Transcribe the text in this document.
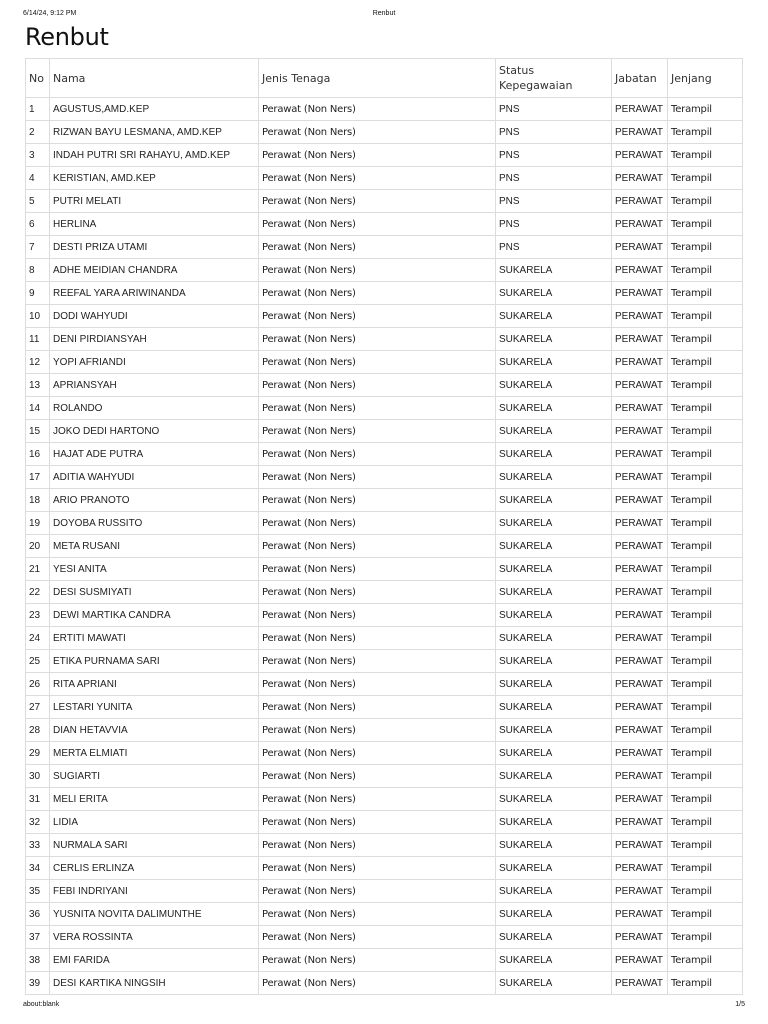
6/14/24, 9:12 PM	Renbut
Renbut
No	Nama	Jenis Tenaga	Status Kepegawaian	Jabatan	Jenjang
1	AGUSTUS,AMD.KEP	Perawat (Non Ners)	PNS	PERAWAT	Terampil
2	RIZWAN BAYU LESMANA, AMD.KEP	Perawat (Non Ners)	PNS	PERAWAT	Terampil
3	INDAH PUTRI SRI RAHAYU, AMD.KEP	Perawat (Non Ners)	PNS	PERAWAT	Terampil
4	KERISTIAN, AMD.KEP	Perawat (Non Ners)	PNS	PERAWAT	Terampil
5	PUTRI MELATI	Perawat (Non Ners)	PNS	PERAWAT	Terampil
6	HERLINA	Perawat (Non Ners)	PNS	PERAWAT	Terampil
7	DESTI PRIZA UTAMI	Perawat (Non Ners)	PNS	PERAWAT	Terampil
8	ADHE MEIDIAN CHANDRA	Perawat (Non Ners)	SUKARELA	PERAWAT	Terampil
9	REEFAL YARA ARIWINANDA	Perawat (Non Ners)	SUKARELA	PERAWAT	Terampil
10	DODI WAHYUDI	Perawat (Non Ners)	SUKARELA	PERAWAT	Terampil
11	DENI PIRDIANSYAH	Perawat (Non Ners)	SUKARELA	PERAWAT	Terampil
12	YOPI AFRIANDI	Perawat (Non Ners)	SUKARELA	PERAWAT	Terampil
13	APRIANSYAH	Perawat (Non Ners)	SUKARELA	PERAWAT	Terampil
14	ROLANDO	Perawat (Non Ners)	SUKARELA	PERAWAT	Terampil
15	JOKO DEDI HARTONO	Perawat (Non Ners)	SUKARELA	PERAWAT	Terampil
16	HAJAT ADE PUTRA	Perawat (Non Ners)	SUKARELA	PERAWAT	Terampil
17	ADITIA WAHYUDI	Perawat (Non Ners)	SUKARELA	PERAWAT	Terampil
18	ARIO PRANOTO	Perawat (Non Ners)	SUKARELA	PERAWAT	Terampil
19	DOYOBA RUSSITO	Perawat (Non Ners)	SUKARELA	PERAWAT	Terampil
20	META RUSANI	Perawat (Non Ners)	SUKARELA	PERAWAT	Terampil
21	YESI ANITA	Perawat (Non Ners)	SUKARELA	PERAWAT	Terampil
22	DESI SUSMIYATI	Perawat (Non Ners)	SUKARELA	PERAWAT	Terampil
23	DEWI MARTIKA CANDRA	Perawat (Non Ners)	SUKARELA	PERAWAT	Terampil
24	ERTITI MAWATI	Perawat (Non Ners)	SUKARELA	PERAWAT	Terampil
25	ETIKA PURNAMA SARI	Perawat (Non Ners)	SUKARELA	PERAWAT	Terampil
26	RITA APRIANI	Perawat (Non Ners)	SUKARELA	PERAWAT	Terampil
27	LESTARI YUNITA	Perawat (Non Ners)	SUKARELA	PERAWAT	Terampil
28	DIAN HETAVVIA	Perawat (Non Ners)	SUKARELA	PERAWAT	Terampil
29	MERTA ELMIATI	Perawat (Non Ners)	SUKARELA	PERAWAT	Terampil
30	SUGIARTI	Perawat (Non Ners)	SUKARELA	PERAWAT	Terampil
31	MELI ERITA	Perawat (Non Ners)	SUKARELA	PERAWAT	Terampil
32	LIDIA	Perawat (Non Ners)	SUKARELA	PERAWAT	Terampil
33	NURMALA SARI	Perawat (Non Ners)	SUKARELA	PERAWAT	Terampil
34	CERLIS ERLINZA	Perawat (Non Ners)	SUKARELA	PERAWAT	Terampil
35	FEBI INDRIYANI	Perawat (Non Ners)	SUKARELA	PERAWAT	Terampil
36	YUSNITA NOVITA DALIMUNTHE	Perawat (Non Ners)	SUKARELA	PERAWAT	Terampil
37	VERA ROSSINTA	Perawat (Non Ners)	SUKARELA	PERAWAT	Terampil
38	EMI FARIDA	Perawat (Non Ners)	SUKARELA	PERAWAT	Terampil
39	DESI KARTIKA NINGSIH	Perawat (Non Ners)	SUKARELA	PERAWAT	Terampil
about:blank	1/5
